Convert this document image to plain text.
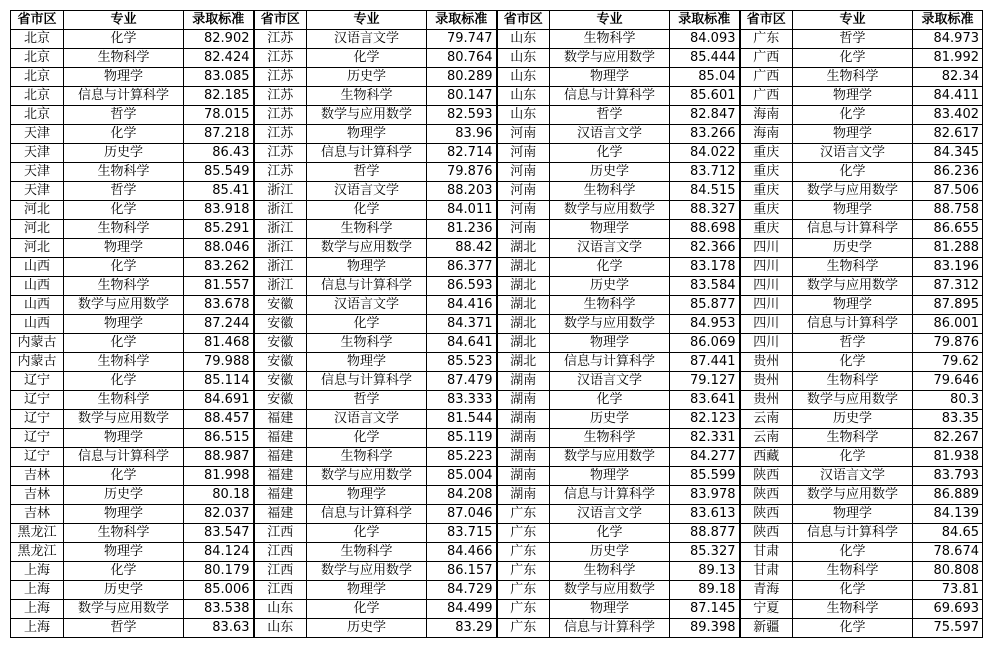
省市区	专业	录取标准	省市区	专业	录取标准	省市区	专业	录取标准	省市区	专业	录取标准
北京	化学	82.902	江苏	汉语言文学	79.747	山东	生物科学	84.093	广东	哲学	84.973
北京	生物科学	82.424	江苏	化学	80.764	山东	数学与应用数学	85.444	广西	化学	81.992
北京	物理学	83.085	江苏	历史学	80.289	山东	物理学	85.04	广西	生物科学	82.34
北京	信息与计算科学	82.185	江苏	生物科学	80.147	山东	信息与计算科学	85.601	广西	物理学	84.411
北京	哲学	78.015	江苏	数学与应用数学	82.593	山东	哲学	82.847	海南	化学	83.402
天津	化学	87.218	江苏	物理学	83.96	河南	汉语言文学	83.266	海南	物理学	82.617
天津	历史学	86.43	江苏	信息与计算科学	82.714	河南	化学	84.022	重庆	汉语言文学	84.345
天津	生物科学	85.549	江苏	哲学	79.876	河南	历史学	83.712	重庆	化学	86.236
天津	哲学	85.41	浙江	汉语言文学	88.203	河南	生物科学	84.515	重庆	数学与应用数学	87.506
河北	化学	83.918	浙江	化学	84.011	河南	数学与应用数学	88.327	重庆	物理学	88.758
河北	生物科学	85.291	浙江	生物科学	81.236	河南	物理学	88.698	重庆	信息与计算科学	86.655
河北	物理学	88.046	浙江	数学与应用数学	88.42	湖北	汉语言文学	82.366	四川	历史学	81.288
山西	化学	83.262	浙江	物理学	86.377	湖北	化学	83.178	四川	生物科学	83.196
山西	生物科学	81.557	浙江	信息与计算科学	86.593	湖北	历史学	83.584	四川	数学与应用数学	87.312
山西	数学与应用数学	83.678	安徽	汉语言文学	84.416	湖北	生物科学	85.877	四川	物理学	87.895
山西	物理学	87.244	安徽	化学	84.371	湖北	数学与应用数学	84.953	四川	信息与计算科学	86.001
内蒙古	化学	81.468	安徽	生物科学	84.641	湖北	物理学	86.069	四川	哲学	79.876
内蒙古	生物科学	79.988	安徽	物理学	85.523	湖北	信息与计算科学	87.441	贵州	化学	79.62
辽宁	化学	85.114	安徽	信息与计算科学	87.479	湖南	汉语言文学	79.127	贵州	生物科学	79.646
辽宁	生物科学	84.691	安徽	哲学	83.333	湖南	化学	83.641	贵州	数学与应用数学	80.3
辽宁	数学与应用数学	88.457	福建	汉语言文学	81.544	湖南	历史学	82.123	云南	历史学	83.35
辽宁	物理学	86.515	福建	化学	85.119	湖南	生物科学	82.331	云南	生物科学	82.267
辽宁	信息与计算科学	88.987	福建	生物科学	85.223	湖南	数学与应用数学	84.277	西藏	化学	81.938
吉林	化学	81.998	福建	数学与应用数学	85.004	湖南	物理学	85.599	陕西	汉语言文学	83.793
吉林	历史学	80.18	福建	物理学	84.208	湖南	信息与计算科学	83.978	陕西	数学与应用数学	86.889
吉林	物理学	82.037	福建	信息与计算科学	87.046	广东	汉语言文学	83.613	陕西	物理学	84.139
黑龙江	生物科学	83.547	江西	化学	83.715	广东	化学	88.877	陕西	信息与计算科学	84.65
黑龙江	物理学	84.124	江西	生物科学	84.466	广东	历史学	85.327	甘肃	化学	78.674
上海	化学	80.179	江西	数学与应用数学	86.157	广东	生物科学	89.13	甘肃	生物科学	80.808
上海	历史学	85.006	江西	物理学	84.729	广东	数学与应用数学	89.18	青海	化学	73.81
上海	数学与应用数学	83.538	山东	化学	84.499	广东	物理学	87.145	宁夏	生物科学	69.693
上海	哲学	83.63	山东	历史学	83.29	广东	信息与计算科学	89.398	新疆	化学	75.597
